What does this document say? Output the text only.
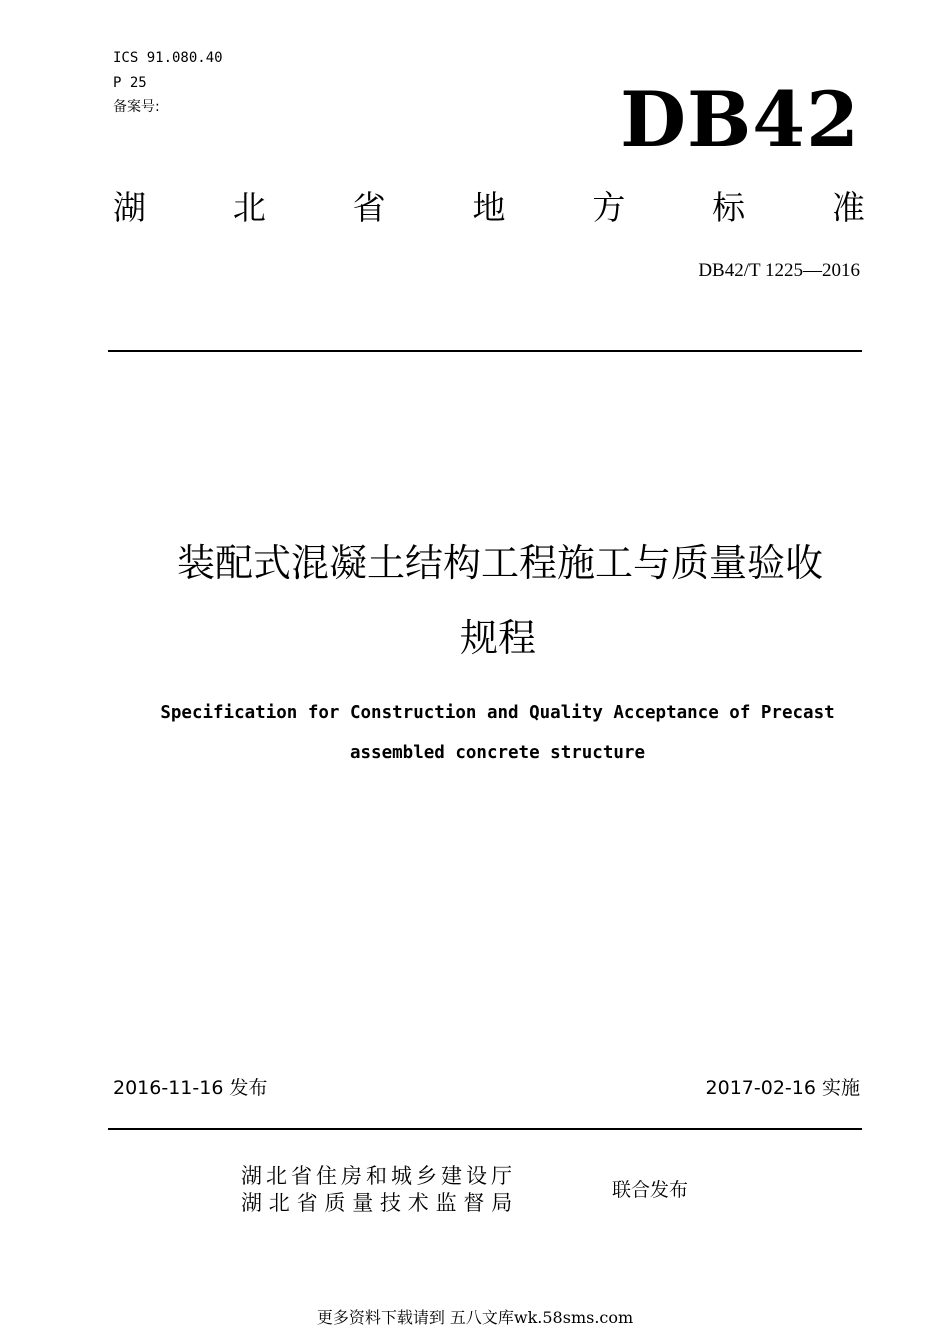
ICS 91.080.40
P 25
备案号:	DB42
湖	北	省	地	方	标	准
DB42/T 1225—2016
装配式混凝土结构工程施工与质量验收
规程
Specification for Construction and Quality Acceptance of Precast
assembled concrete structure
2016-11-16 发布	2017-02-16 实施
湖北省住房和城乡建设厅
湖北省质量技术监督局
联合发布
更多资料下载请到 五八文库wk.58sms.com
